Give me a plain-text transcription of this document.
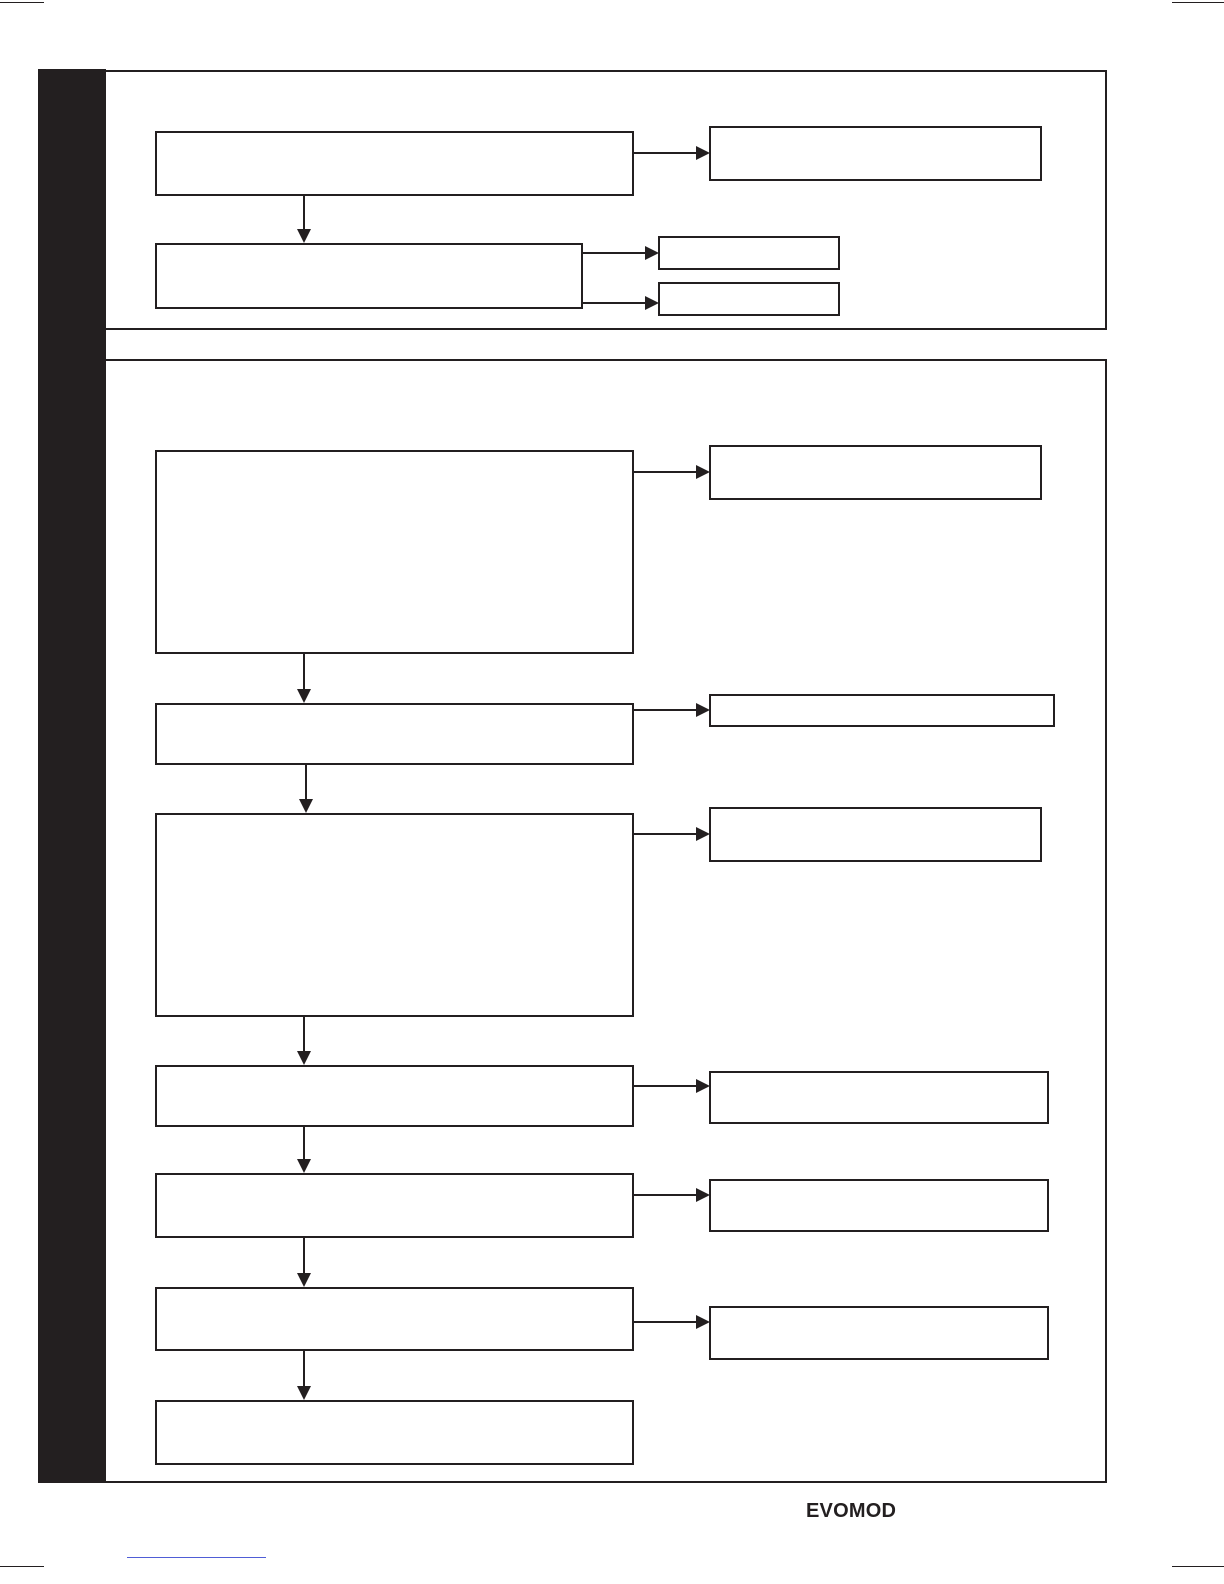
EVOMOD
